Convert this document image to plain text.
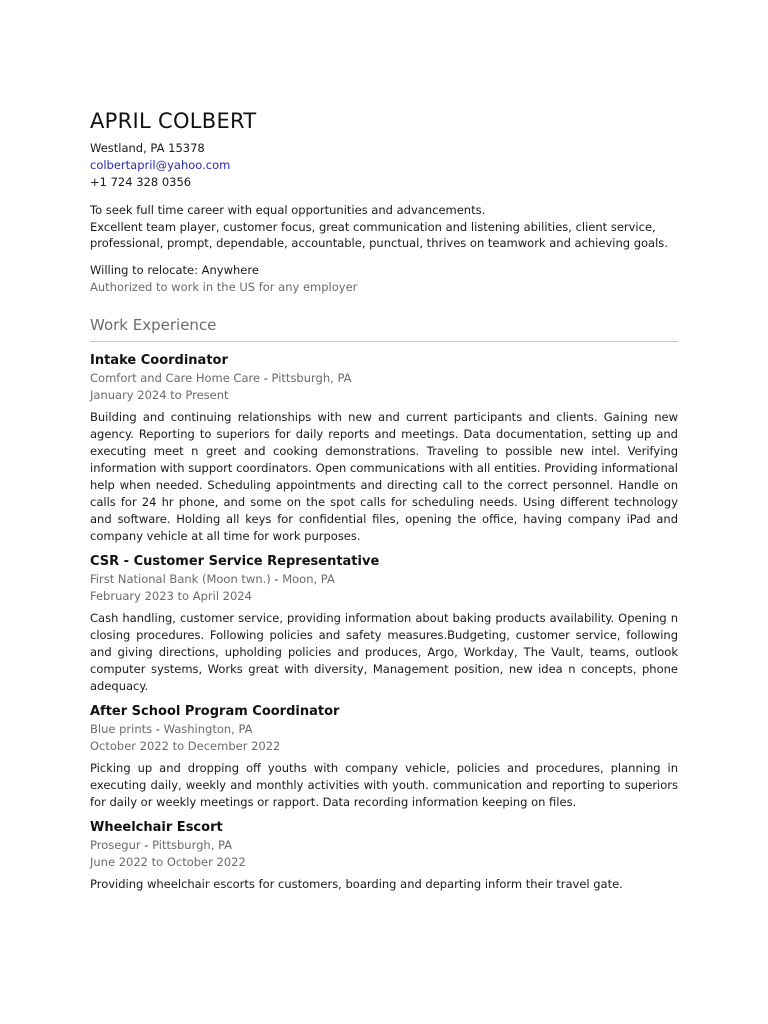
APRIL COLBERT
Westland, PA 15378
colbertapril@yahoo.com
+1 724 328 0356
To seek full time career with equal opportunities and advancements.
Excellent team player, customer focus, great communication and listening abilities, client service, professional, prompt, dependable, accountable, punctual, thrives on teamwork and achieving goals.
Willing to relocate: Anywhere
Authorized to work in the US for any employer
Work Experience
Intake Coordinator
Comfort and Care Home Care - Pittsburgh, PA
January 2024 to Present
Building and continuing relationships with new and current participants and clients. Gaining new agency. Reporting to superiors for daily reports and meetings. Data documentation, setting up and executing meet n greet and cooking demonstrations. Traveling to possible new intel. Verifying information with support coordinators. Open communications with all entities. Providing informational help when needed. Scheduling appointments and directing call to the correct personnel. Handle on calls for 24 hr phone, and some on the spot calls for scheduling needs. Using different technology and software. Holding all keys for confidential files, opening the office, having company iPad and company vehicle at all time for work purposes.
CSR - Customer Service Representative
First National Bank (Moon twn.) - Moon, PA
February 2023 to April 2024
Cash handling, customer service, providing information about baking products availability. Opening n closing procedures. Following policies and safety measures.Budgeting, customer service, following and giving directions, upholding policies and produces, Argo, Workday, The Vault, teams, outlook computer systems, Works great with diversity, Management position, new idea n concepts, phone adequacy.
After School Program Coordinator
Blue prints - Washington, PA
October 2022 to December 2022
Picking up and dropping off youths with company vehicle, policies and procedures, planning in executing daily, weekly and monthly activities with youth. communication and reporting to superiors for daily or weekly meetings or rapport. Data recording information keeping on files.
Wheelchair Escort
Prosegur - Pittsburgh, PA
June 2022 to October 2022
Providing wheelchair escorts for customers, boarding and departing inform their travel gate.
